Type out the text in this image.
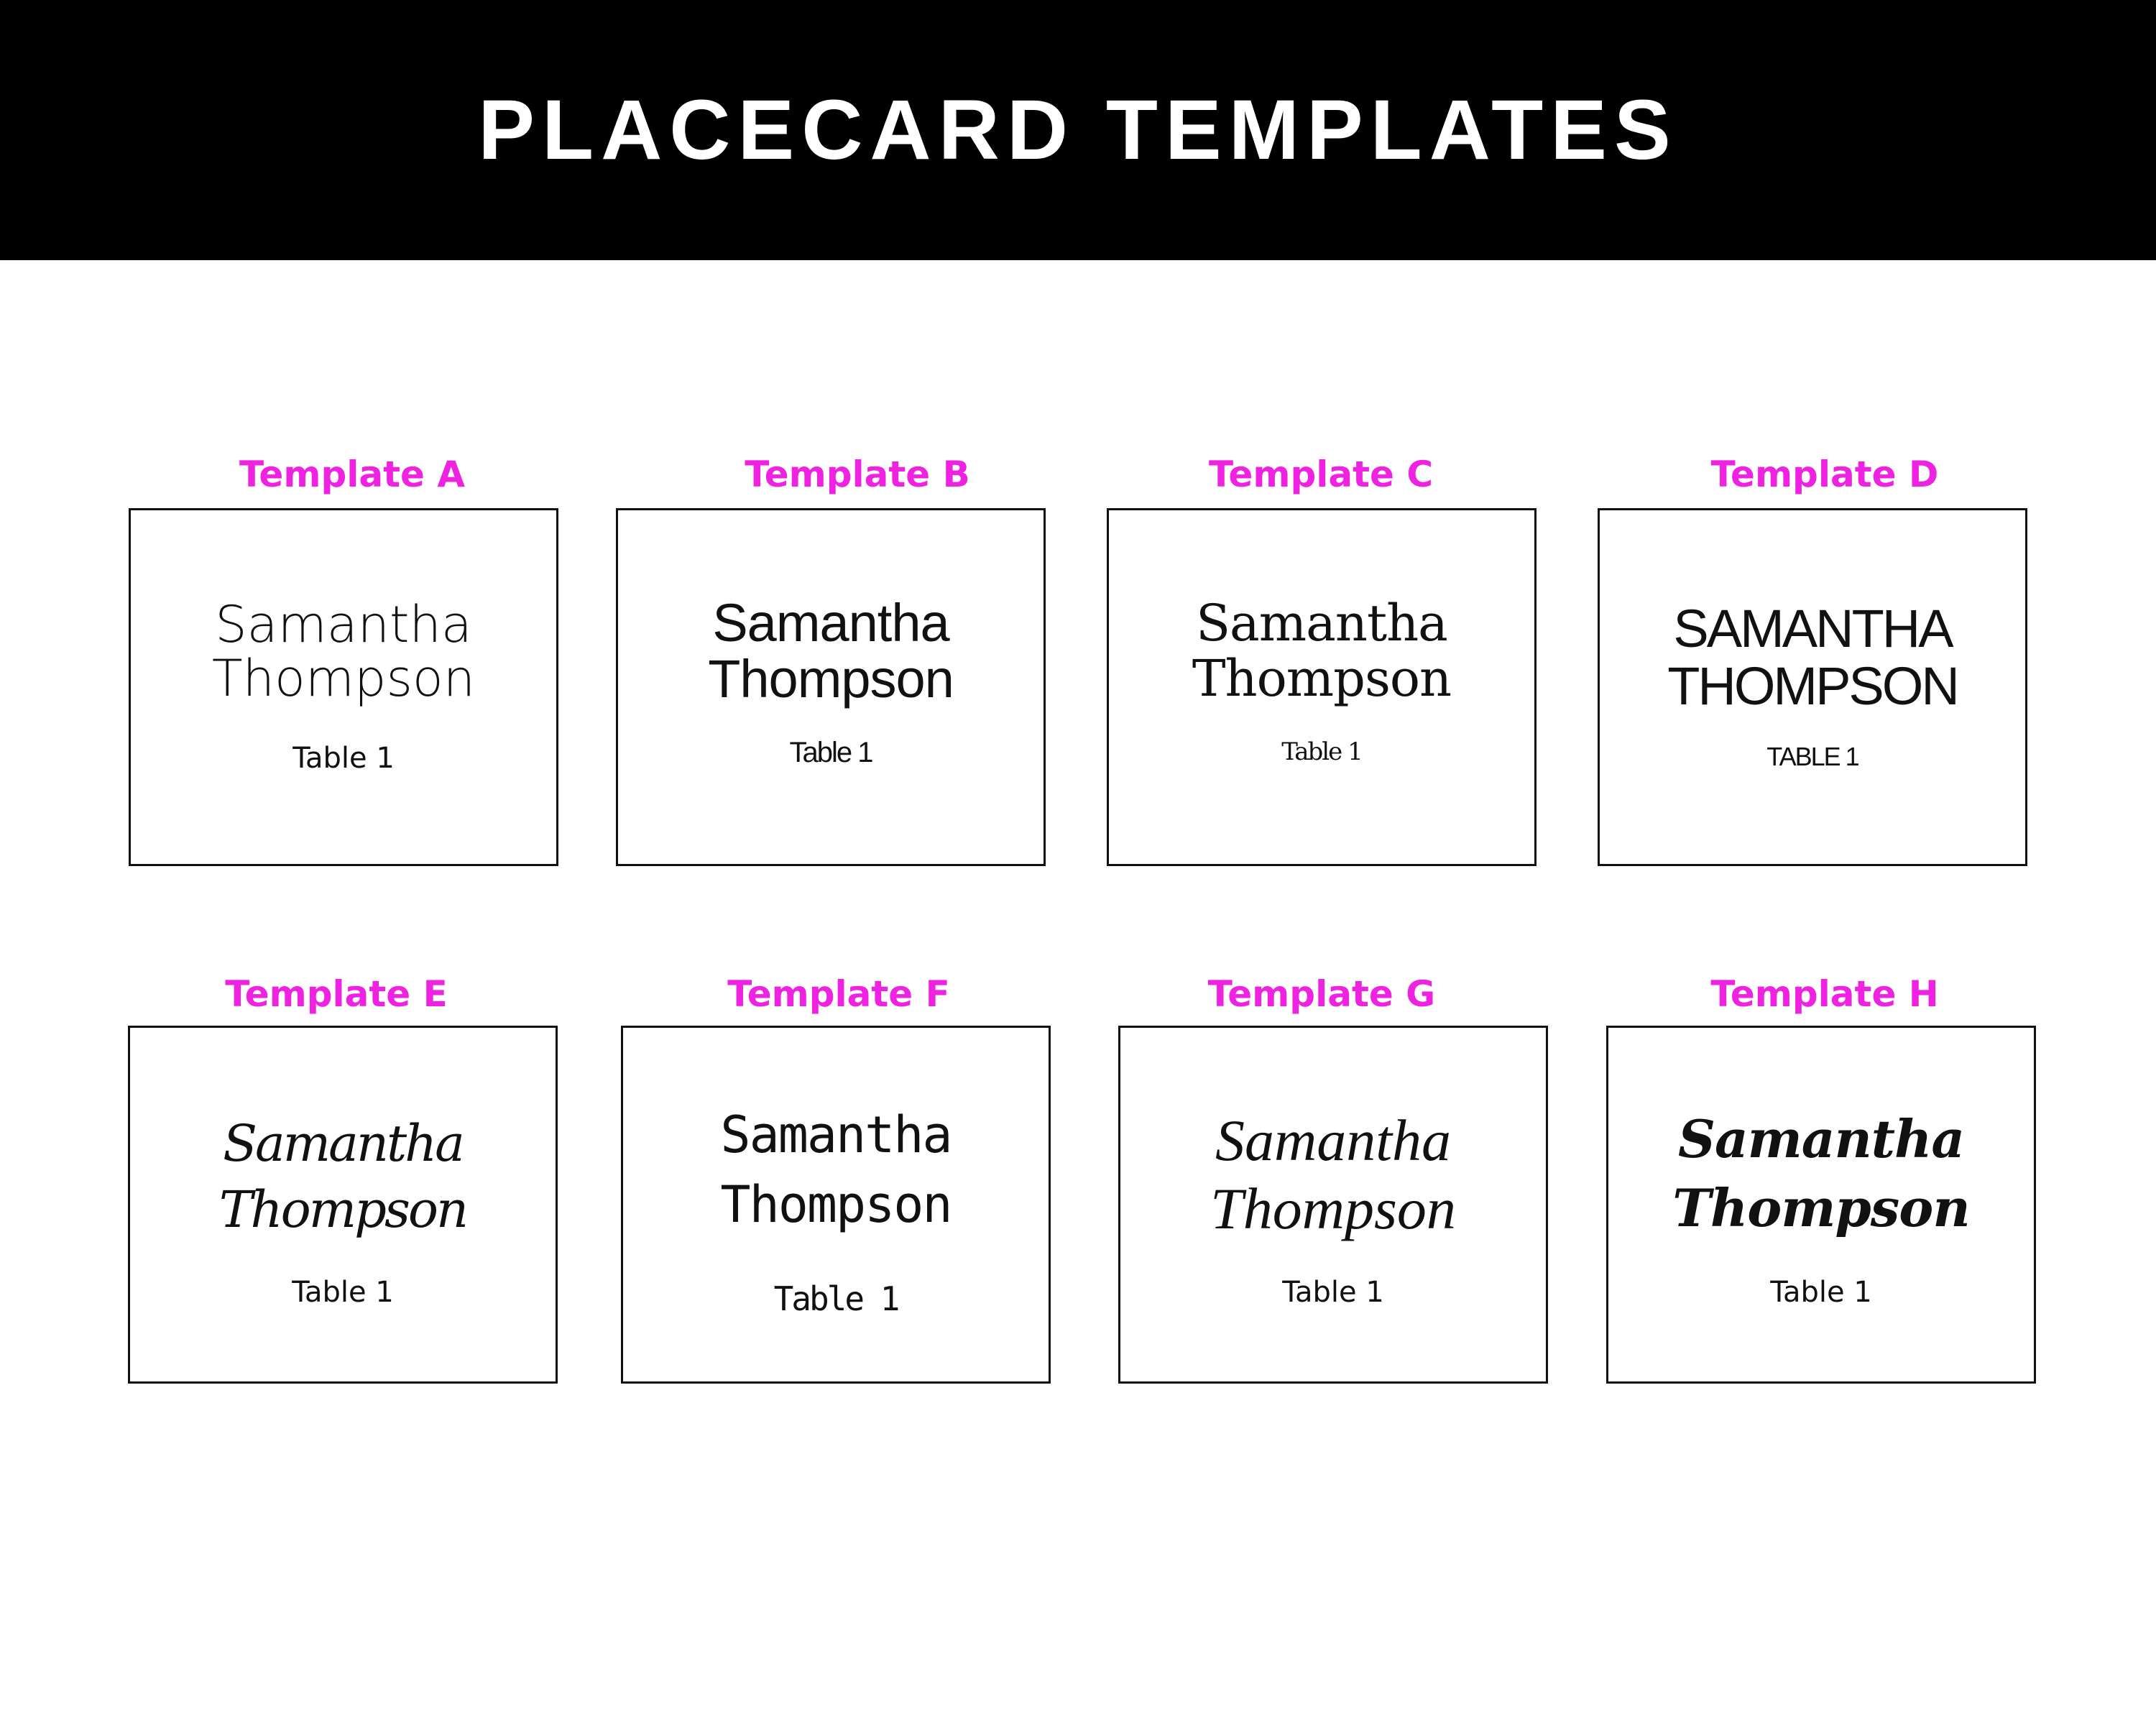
PLACECARD TEMPLATES
Template A
Samantha
Thompson
Table 1
Template B
Samantha
Thompson
Table 1
Template C
Samantha
Thompson
Table 1
Template D
SAMANTHA
THOMPSON
TABLE 1
Template E
Samantha
Thompson
Table 1
Template F
Samantha
Thompson
Table 1
Template G
Samantha
Thompson
Table 1
Template H
Samantha
Thompson
Table 1
